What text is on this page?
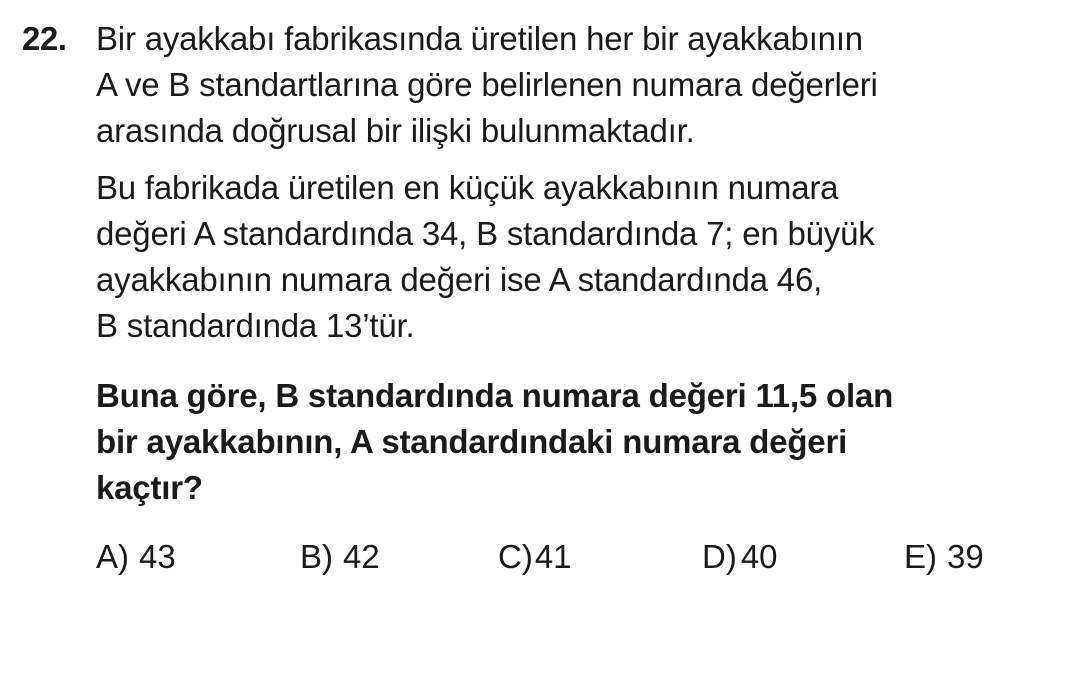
22. Bir ayakkabı fabrikasında üretilen her bir ayakkabının
A ve B standartlarına göre belirlenen numara değerleri
arasında doğrusal bir ilişki bulunmaktadır.
Bu fabrikada üretilen en küçük ayakkabının numara
değeri A standardında 34, B standardında 7; en büyük
ayakkabının numara değeri ise A standardında 46,
B standardında 13’tür.
Buna göre, B standardında numara değeri 11,5 olan
bir ayakkabının, A standardındaki numara değeri
kaçtır?
A) 43	B) 42	C)41	D) 40	E) 39
